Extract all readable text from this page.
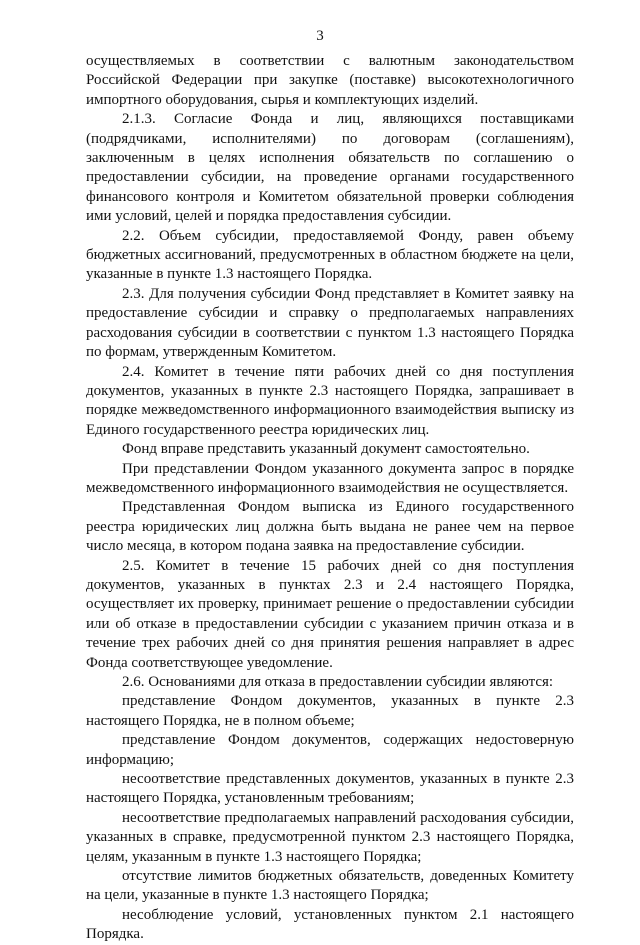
3

осуществляемых в соответствии с валютным законодательством Российской Федерации при закупке (поставке) высокотехнологичного импортного оборудования, сырья и комплектующих изделий.

2.1.3. Согласие Фонда и лиц, являющихся поставщиками (подрядчиками, исполнителями) по договорам (соглашениям), заключенным в целях исполнения обязательств по соглашению о предоставлении субсидии, на проведение органами государственного финансового контроля и Комитетом обязательной проверки соблюдения ими условий, целей и порядка предоставления субсидии.

2.2. Объем субсидии, предоставляемой Фонду, равен объему бюджетных ассигнований, предусмотренных в областном бюджете на цели, указанные в пункте 1.3 настоящего Порядка.

2.3. Для получения субсидии Фонд представляет в Комитет заявку на предоставление субсидии и справку о предполагаемых направлениях расходования субсидии в соответствии с пунктом 1.3 настоящего Порядка по формам, утвержденным Комитетом.

2.4. Комитет в течение пяти рабочих дней со дня поступления документов, указанных в пункте 2.3 настоящего Порядка, запрашивает в порядке межведомственного информационного взаимодействия выписку из Единого государственного реестра юридических лиц.

Фонд вправе представить указанный документ самостоятельно.

При представлении Фондом указанного документа запрос в порядке межведомственного информационного взаимодействия не осуществляется.

Представленная Фондом выписка из Единого государственного реестра юридических лиц должна быть выдана не ранее чем на первое число месяца, в котором подана заявка на предоставление субсидии.

2.5. Комитет в течение 15 рабочих дней со дня поступления документов, указанных в пунктах 2.3 и 2.4 настоящего Порядка, осуществляет их проверку, принимает решение о предоставлении субсидии или об отказе в предоставлении субсидии с указанием причин отказа и в течение трех рабочих дней со дня принятия решения направляет в адрес Фонда соответствующее уведомление.

2.6. Основаниями для отказа в предоставлении субсидии являются:

представление Фондом документов, указанных в пункте 2.3 настоящего Порядка, не в полном объеме;

представление Фондом документов, содержащих недостоверную информацию;

несоответствие представленных документов, указанных в пункте 2.3 настоящего Порядка, установленным требованиям;

несоответствие предполагаемых направлений расходования субсидии, указанных в справке, предусмотренной пунктом 2.3 настоящего Порядка, целям, указанным в пункте 1.3 настоящего Порядка;

отсутствие лимитов бюджетных обязательств, доведенных Комитету на цели, указанные в пункте 1.3 настоящего Порядка;

несоблюдение условий, установленных пунктом 2.1 настоящего Порядка.
